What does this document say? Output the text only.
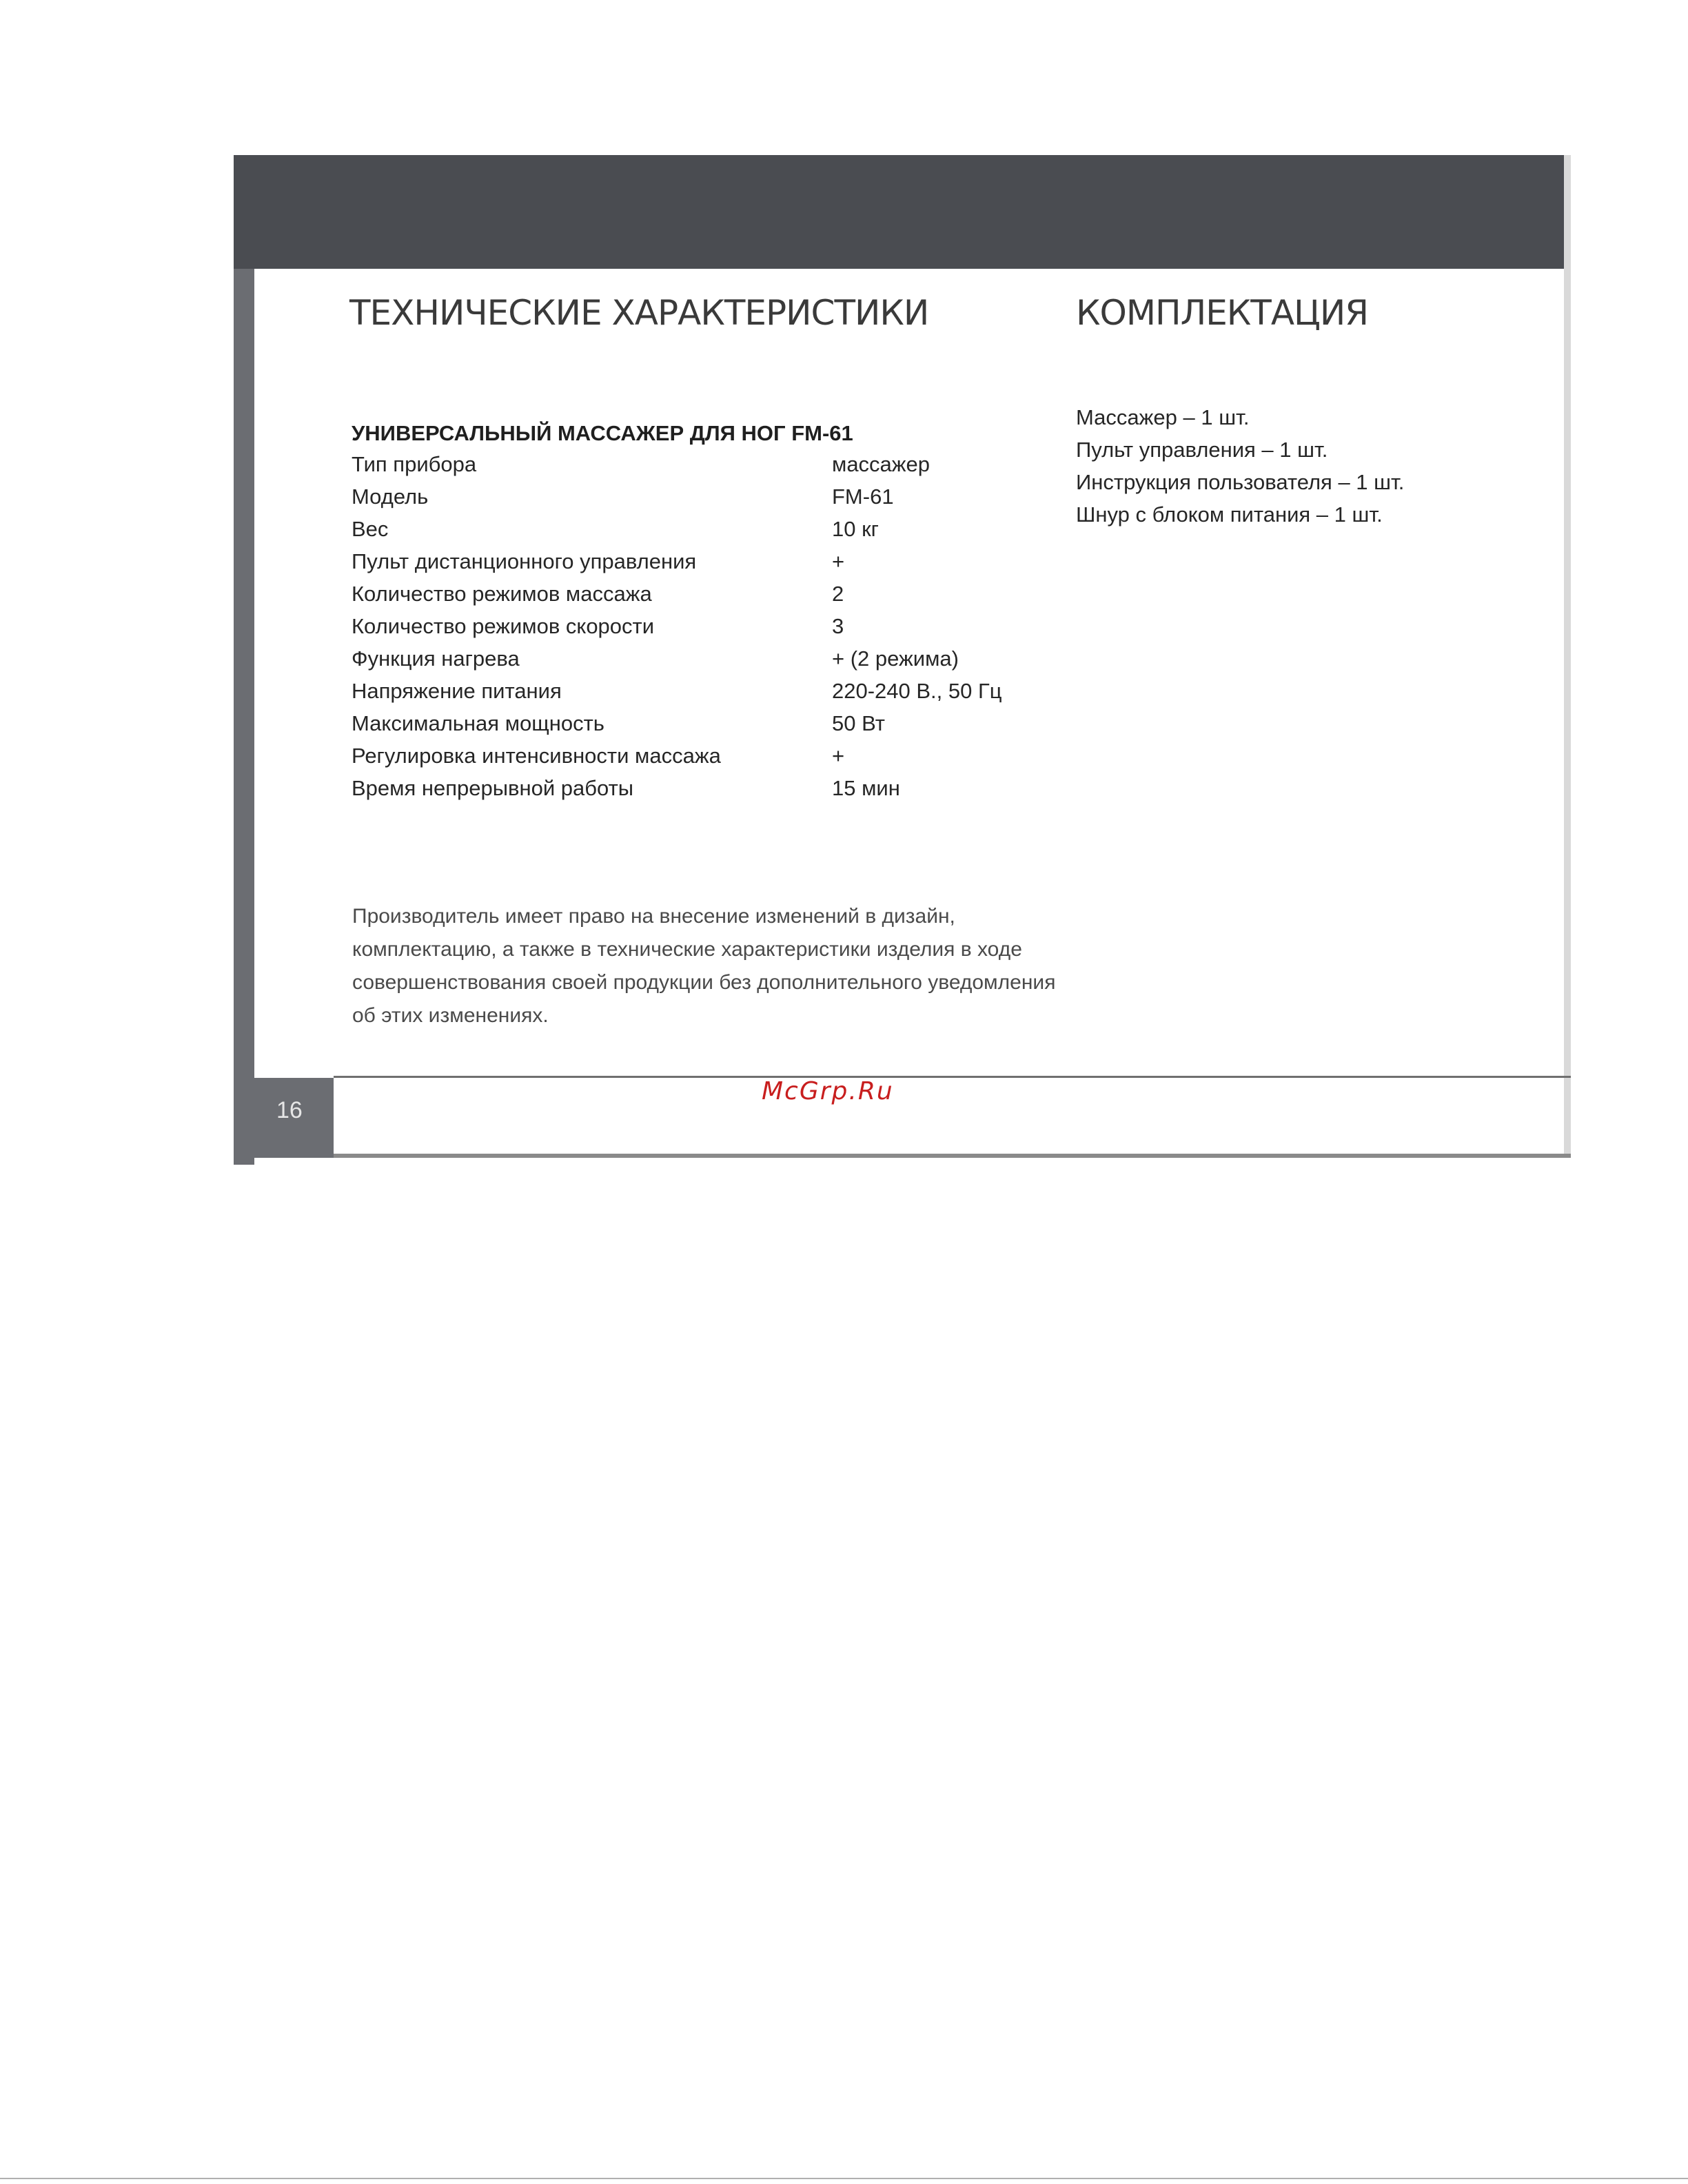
ТЕХНИЧЕСКИЕ ХАРАКТЕРИСТИКИ	КОМПЛЕКТАЦИЯ
УНИВЕРСАЛЬНЫЙ МАССАЖЕР ДЛЯ НОГ FM-61
Тип прибора	массажер
Модель	FM-61
Вес	10 кг
Пульт дистанционного управления	+
Количество режимов массажа	2
Количество режимов скорости	3
Функция нагрева	+ (2 режима)
Напряжение питания	220-240 В., 50 Гц
Максимальная мощность	50 Вт
Регулировка интенсивности массажа	+
Время непрерывной работы	15 мин
Массажер – 1 шт.
Пульт управления – 1 шт.
Инструкция пользователя – 1 шт.
Шнур с блоком питания – 1 шт.
Производитель имеет право на внесение изменений в дизайн, комплектацию, а также в технические характеристики изделия в ходе совершенствования своей продукции без дополнительного уведомления об этих изменениях.
16
McGrp.Ru
